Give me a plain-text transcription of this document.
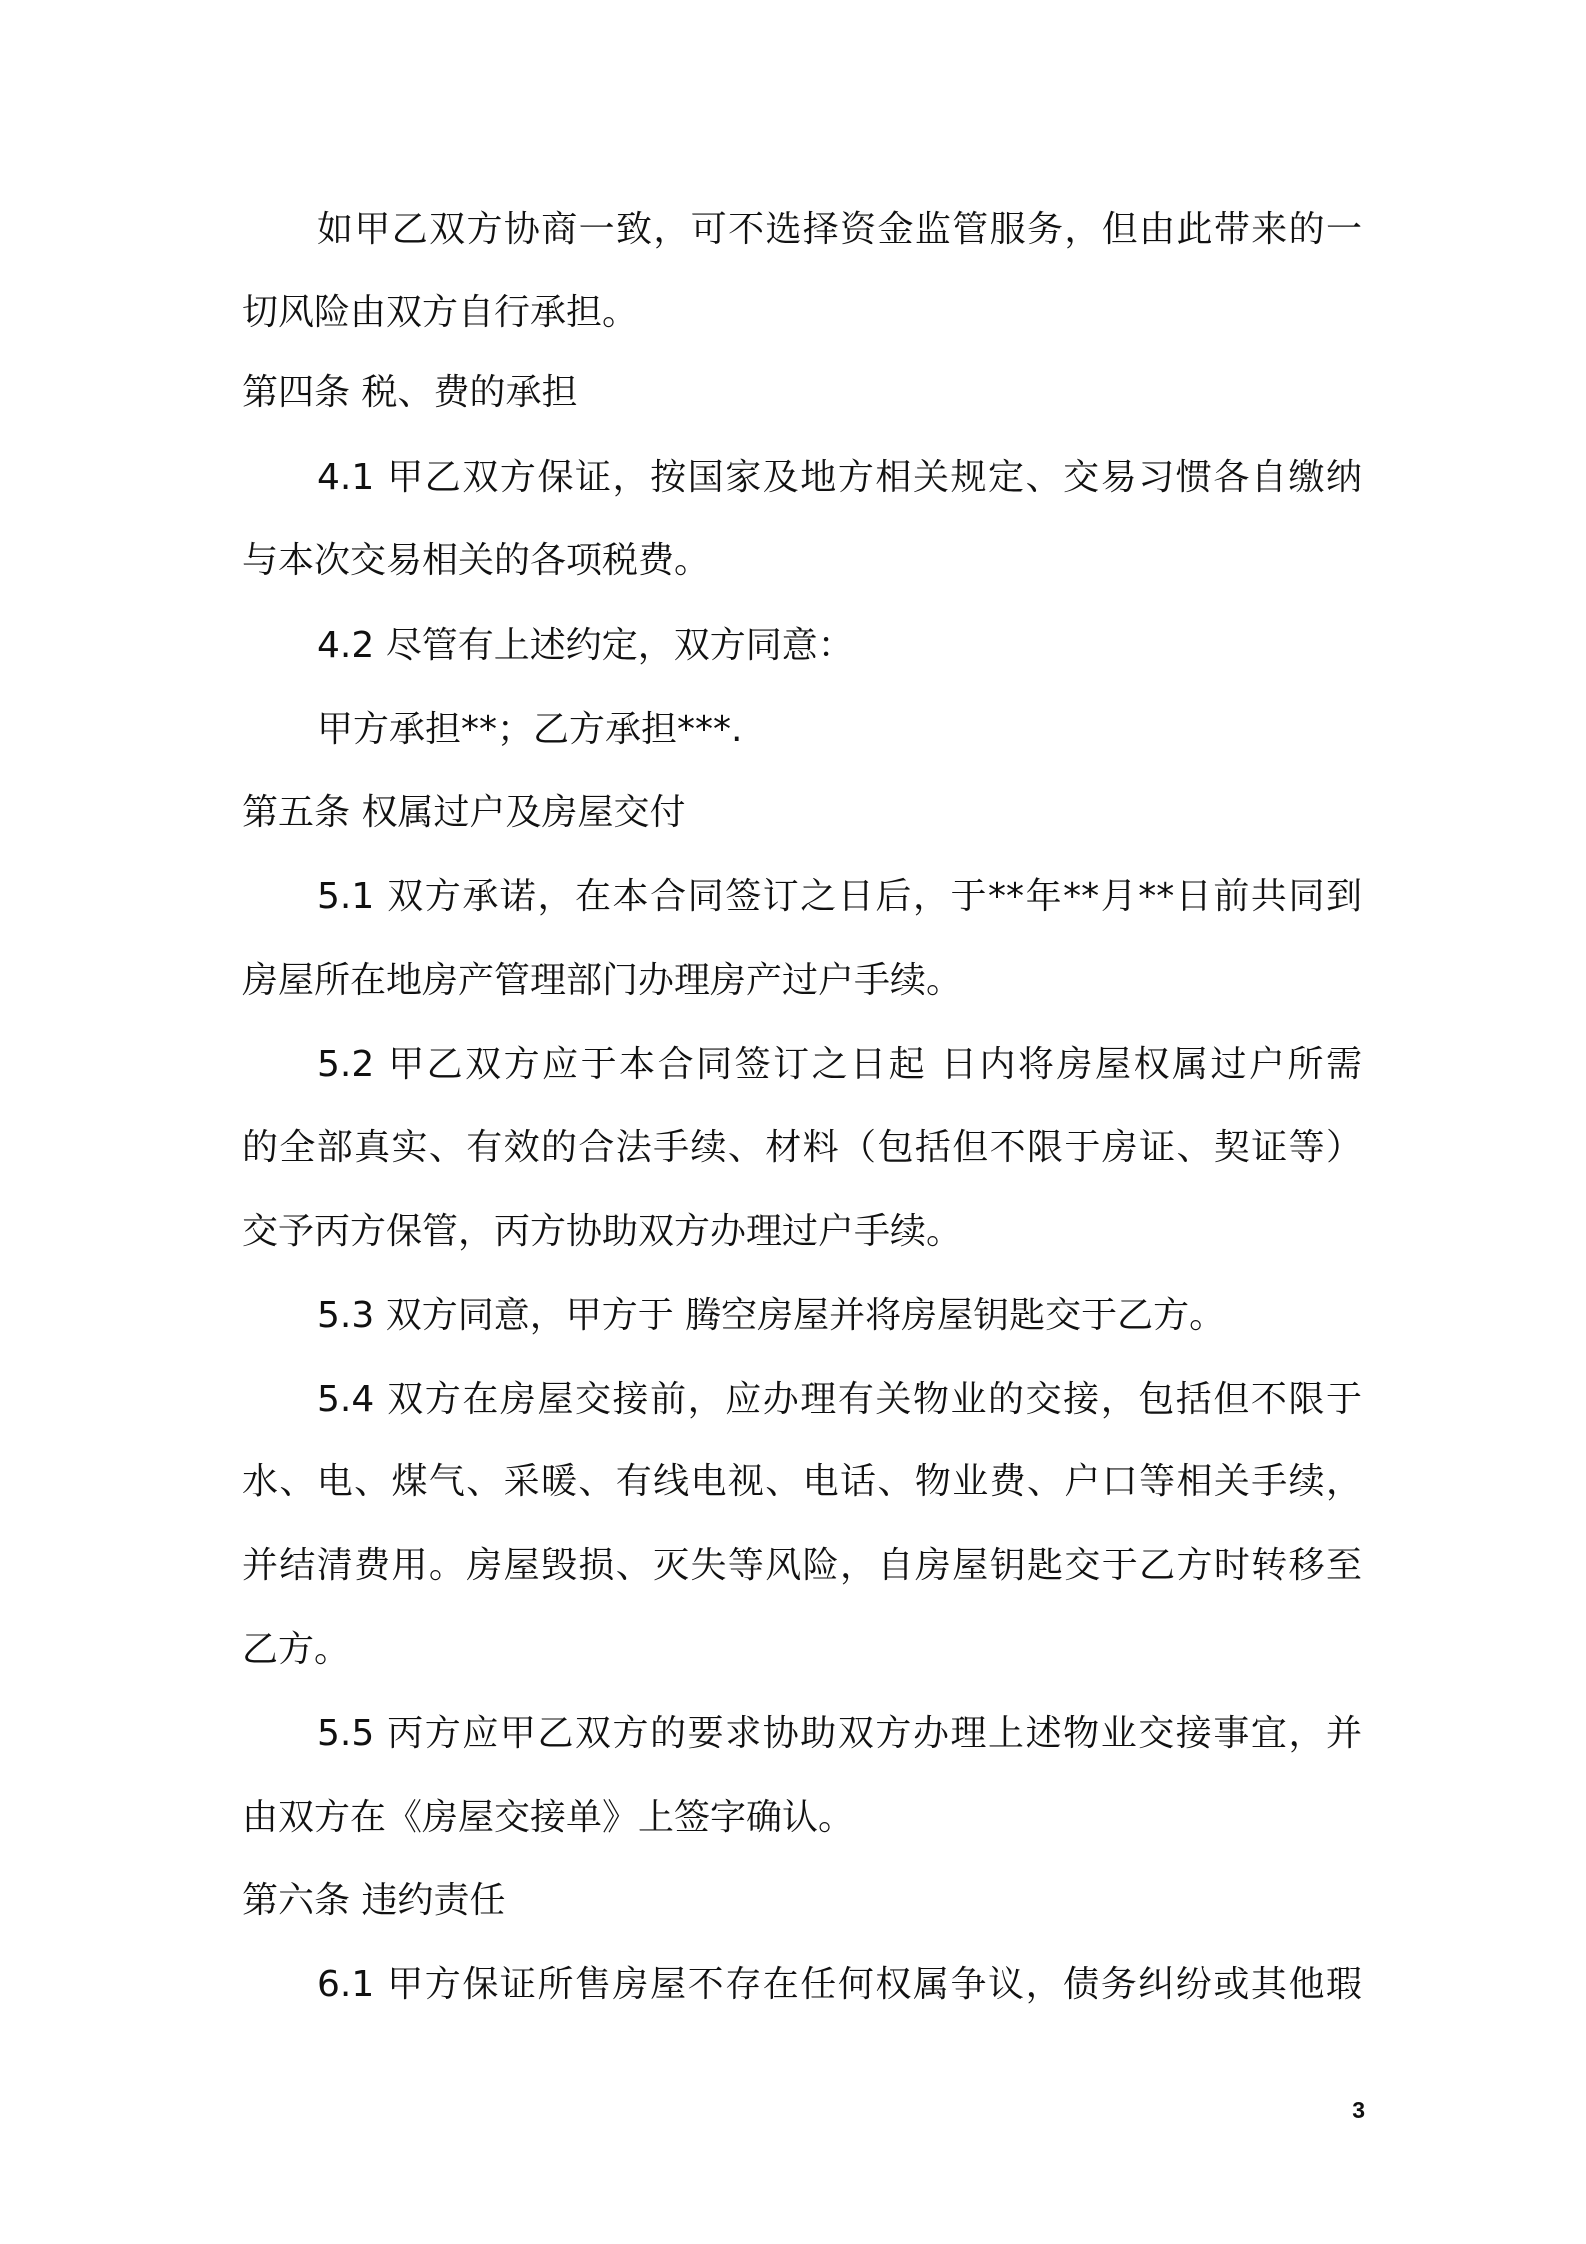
如甲乙双方协商一致，可不选择资金监管服务，但由此带来的一
切风险由双方自行承担。
第四条 税、费的承担
4.1 甲乙双方保证，按国家及地方相关规定、交易习惯各自缴纳
与本次交易相关的各项税费。
4.2 尽管有上述约定，双方同意：
甲方承担**；乙方承担***.
第五条 权属过户及房屋交付
5.1 双方承诺，在本合同签订之日后，于**年**月**日前共同到
房屋所在地房产管理部门办理房产过户手续。
5.2 甲乙双方应于本合同签订之日起 日内将房屋权属过户所需
的全部真实、有效的合法手续、材料（包括但不限于房证、契证等）
交予丙方保管，丙方协助双方办理过户手续。
5.3 双方同意，甲方于 腾空房屋并将房屋钥匙交于乙方。
5.4 双方在房屋交接前，应办理有关物业的交接，包括但不限于
水、电、煤气、采暖、有线电视、电话、物业费、户口等相关手续，
并结清费用。房屋毁损、灭失等风险，自房屋钥匙交于乙方时转移至
乙方。
5.5 丙方应甲乙双方的要求协助双方办理上述物业交接事宜，并
由双方在《房屋交接单》上签字确认。
第六条 违约责任
6.1 甲方保证所售房屋不存在任何权属争议，债务纠纷或其他瑕
3
